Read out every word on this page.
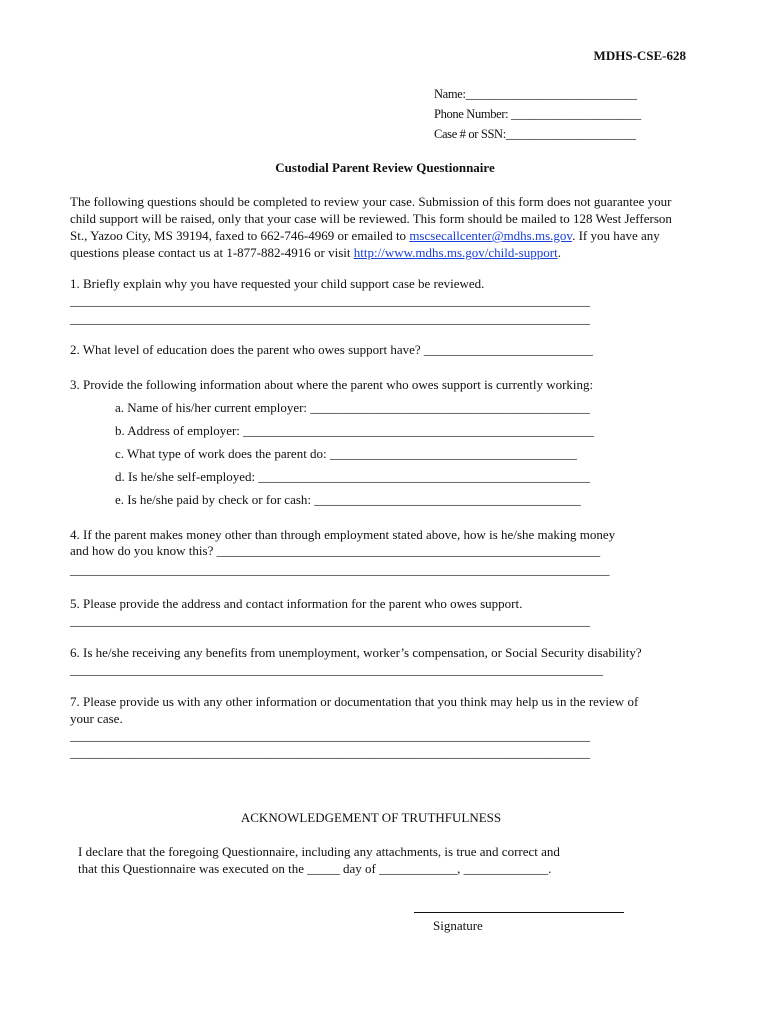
MDHS-CSE-628
Name:_____________________________
Phone Number: ______________________
Case # or SSN:______________________
Custodial Parent Review Questionnaire

The following questions should be completed to review your case. Submission of this form does not guarantee your child support will be raised, only that your case will be reviewed. This form should be mailed to 128 West Jefferson St., Yazoo City, MS 39194, faxed to 662-746-4969 or emailed to mscsecallcenter@mdhs.ms.gov. If you have any questions please contact us at 1-877-882-4916 or visit http://www.mdhs.ms.gov/child-support.

1. Briefly explain why you have requested your child support case be reviewed.
________________________________________________________________________________
________________________________________________________________________________
2. What level of education does the parent who owes support have? __________________________
3. Provide the following information about where the parent who owes support is currently working:
a. Name of his/her current employer: ___________________________________________
b. Address of employer: ______________________________________________________
c. What type of work does the parent do: ______________________________________
d. Is he/she self-employed: ___________________________________________________
e. Is he/she paid by check or for cash: _________________________________________
4. If the parent makes money other than through employment stated above, how is he/she making money
and how do you know this? ___________________________________________________________
___________________________________________________________________________________
5. Please provide the address and contact information for the parent who owes support.
________________________________________________________________________________
6. Is he/she receiving any benefits from unemployment, worker’s compensation, or Social Security disability?
__________________________________________________________________________________
7. Please provide us with any other information or documentation that you think may help us in the review of
your case.
________________________________________________________________________________
________________________________________________________________________________
ACKNOWLEDGEMENT OF TRUTHFULNESS
I declare that the foregoing Questionnaire, including any attachments, is true and correct and
that this Questionnaire was executed on the _____ day of ____________, _____________.
Signature
